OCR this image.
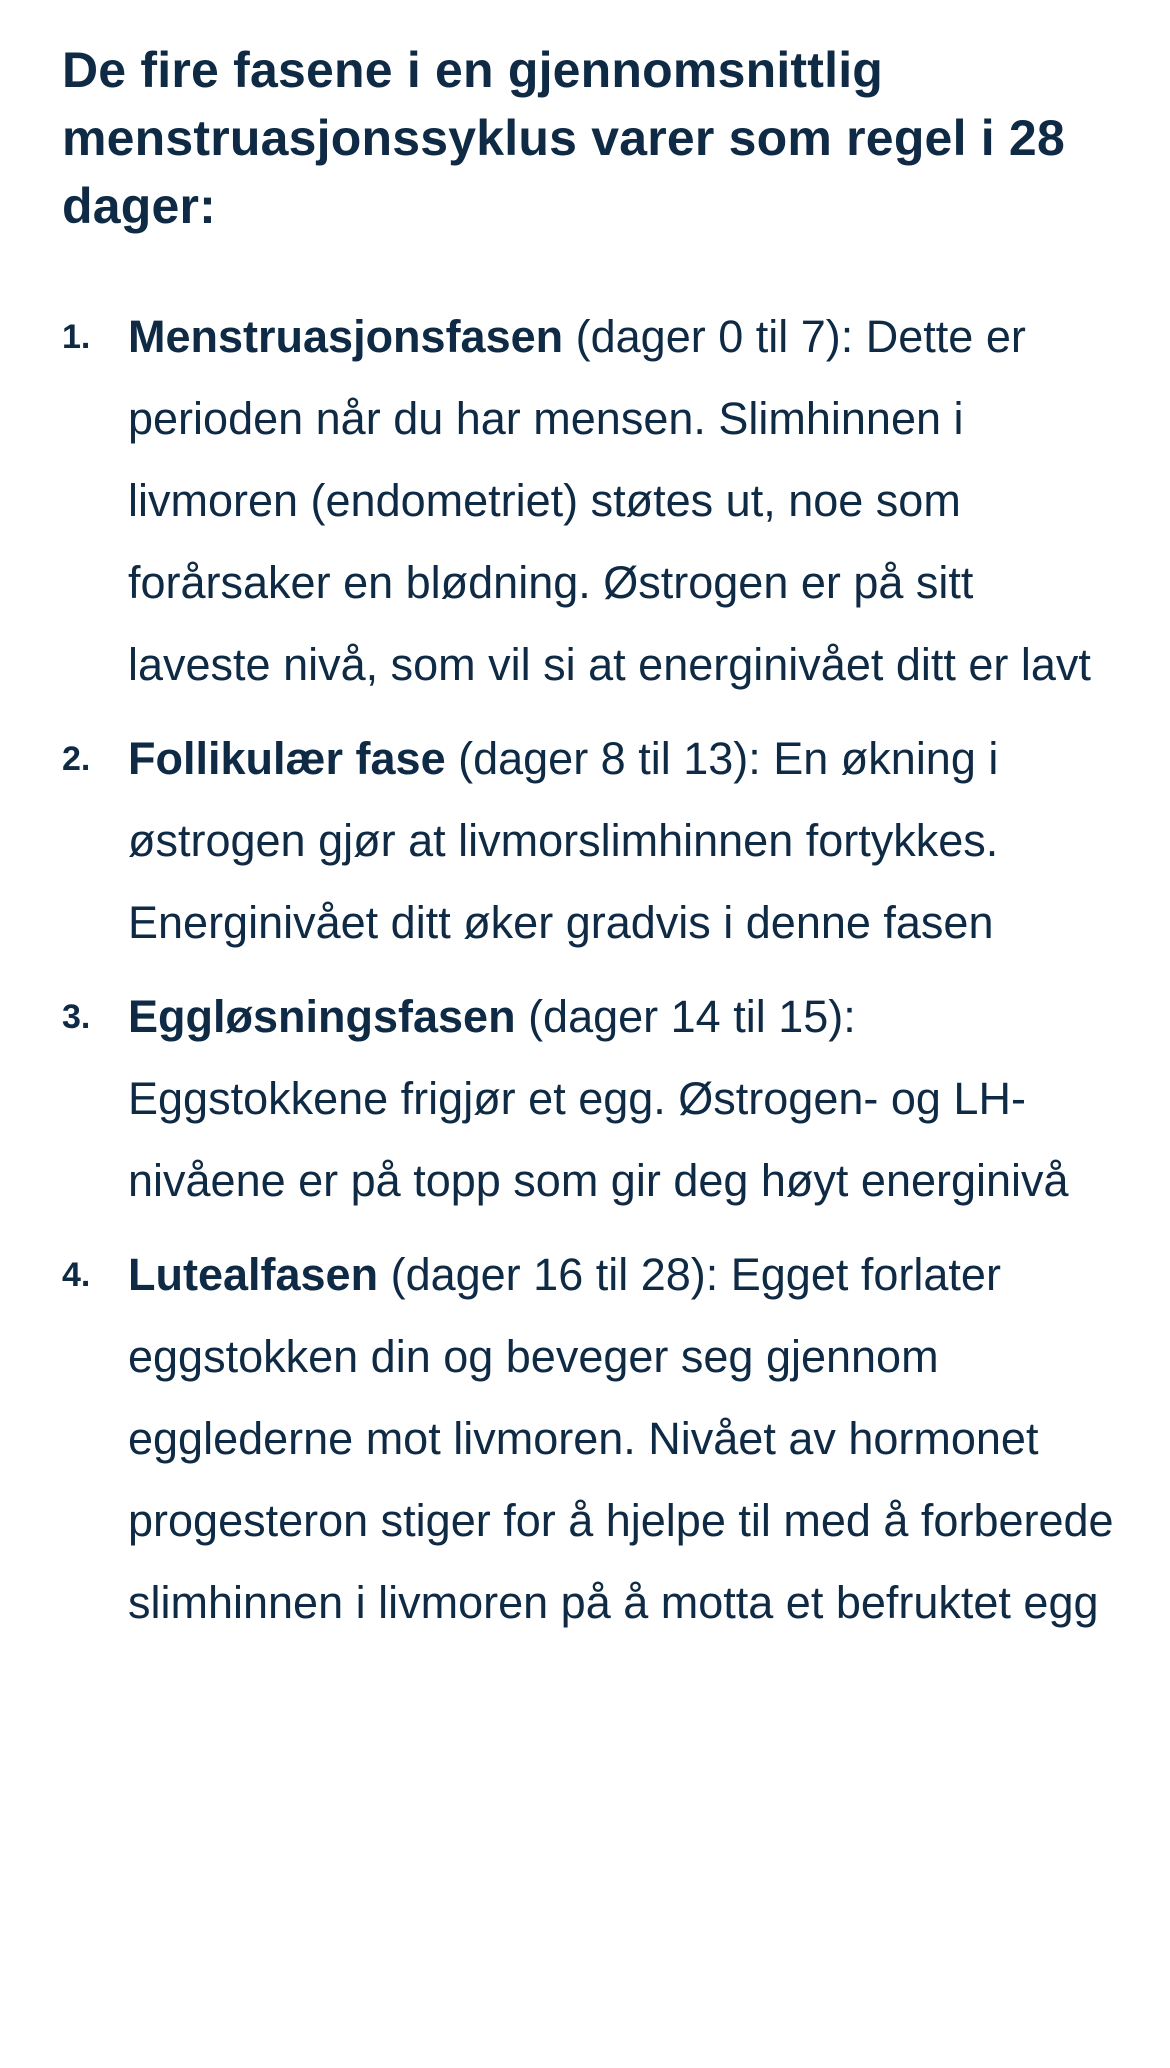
De fire fasene i en gjennomsnittlig menstruasjonssyklus varer som regel i 28 dager:
1. Menstruasjonsfasen (dager 0 til 7): Dette er perioden når du har mensen. Slimhinnen i livmoren (endometriet) støtes ut, noe som forårsaker en blødning. Østrogen er på sitt laveste nivå, som vil si at energinivået ditt er lavt
2. Follikulær fase (dager 8 til 13): En økning i østrogen gjør at livmorslimhinnen fortykkes. Energinivået ditt øker gradvis i denne fasen
3. Eggløsningsfasen (dager 14 til 15): Eggstokkene frigjør et egg. Østrogen- og LH-nivåene er på topp som gir deg høyt energinivå
4. Lutealfasen (dager 16 til 28): Egget forlater eggstokken din og beveger seg gjennom egglederne mot livmoren. Nivået av hormonet progesteron stiger for å hjelpe til med å forberede slimhinnen i livmoren på å motta et befruktet egg
